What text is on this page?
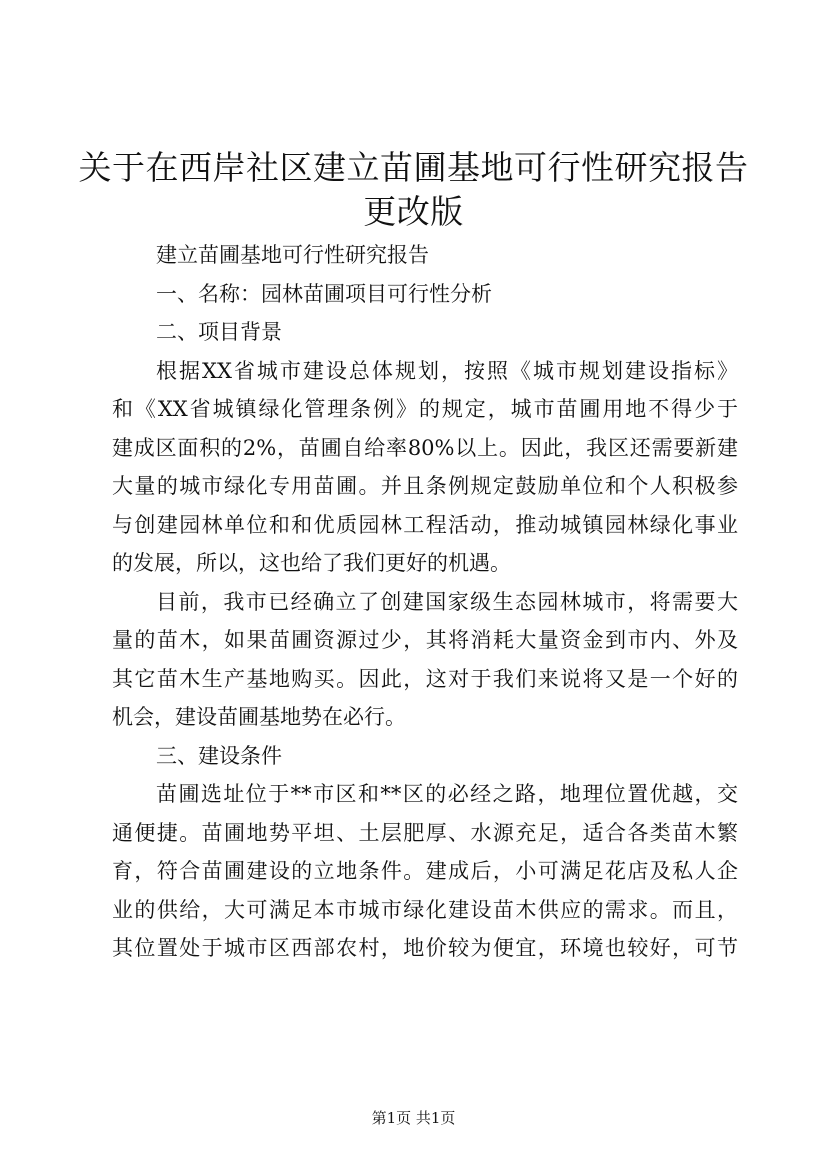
关于在西岸社区建立苗圃基地可行性研究报告
更改版
建立苗圃基地可行性研究报告
一、名称：园林苗圃项目可行性分析
二、项目背景
根据XX省城市建设总体规划，按照《城市规划建设指标》
和《XX省城镇绿化管理条例》的规定，城市苗圃用地不得少于
建成区面积的2%，苗圃自给率80%以上。因此，我区还需要新建
大量的城市绿化专用苗圃。并且条例规定鼓励单位和个人积极参
与创建园林单位和和优质园林工程活动，推动城镇园林绿化事业
的发展，所以，这也给了我们更好的机遇。
目前，我市已经确立了创建国家级生态园林城市，将需要大
量的苗木，如果苗圃资源过少，其将消耗大量资金到市内、外及
其它苗木生产基地购买。因此，这对于我们来说将又是一个好的
机会，建设苗圃基地势在必行。
三、建设条件
苗圃选址位于**市区和**区的必经之路，地理位置优越，交
通便捷。苗圃地势平坦、土层肥厚、水源充足，适合各类苗木繁
育，符合苗圃建设的立地条件。建成后，小可满足花店及私人企
业的供给，大可满足本市城市绿化建设苗木供应的需求。而且，
其位置处于城市区西部农村，地价较为便宜，环境也较好，可节
第1页 共1页
